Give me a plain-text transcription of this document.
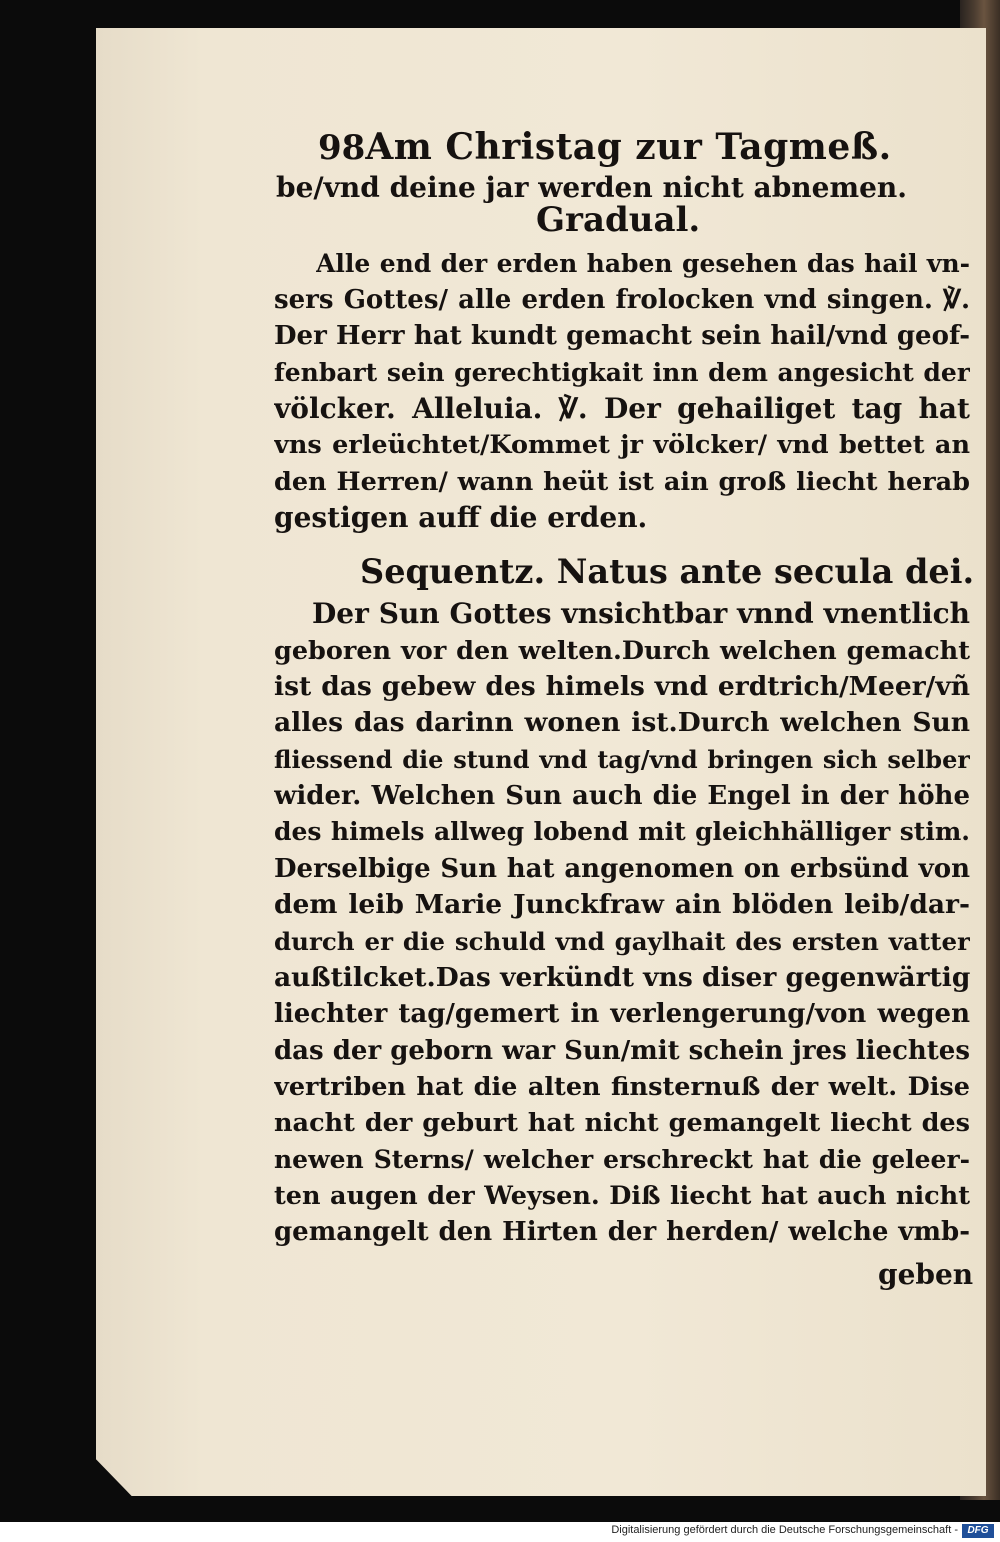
98 Am Christag zur Tagmeß.
be/vnd deine jar werden nicht abnemen.
Gradual.
Alle end der erden haben gesehen das hail vn-
sers Gottes/ alle erden frolocken vnd singen. ℣.
Der Herr hat kundt gemacht sein hail/vnd geof-
fenbart sein gerechtigkait inn dem angesicht der
völcker. Alleluia. ℣. Der gehailiget tag hat
vns erleüchtet/Kommet jr völcker/ vnd bettet an
den Herren/ wann heüt ist ain groß liecht herab
gestigen auff die erden.
Sequentz. Natus ante secula dei.
Der Sun Gottes vnsichtbar vnnd vnentlich
geboren vor den welten.Durch welchen gemacht
ist das gebew des himels vnd erdtrich/Meer/vñ
alles das darinn wonen ist.Durch welchen Sun
fliessend die stund vnd tag/vnd bringen sich selber
wider. Welchen Sun auch die Engel in der höhe
des himels allweg lobend mit gleichhälliger stim.
Derselbige Sun hat angenomen on erbsünd von
dem leib Marie Junckfraw ain blöden leib/dar-
durch er die schuld vnd gaylhait des ersten vatter
außtilcket.Das verkündt vns diser gegenwärtig
liechter tag/gemert in verlengerung/von wegen
das der geborn war Sun/mit schein jres liechtes
vertriben hat die alten finsternuß der welt. Dise
nacht der geburt hat nicht gemangelt liecht des
newen Sterns/ welcher erschreckt hat die geleer-
ten augen der Weysen. Diß liecht hat auch nicht
gemangelt den Hirten der herden/ welche vmb-
geben
Digitalisierung gefördert durch die Deutsche Forschungsgemeinschaft - DFG
